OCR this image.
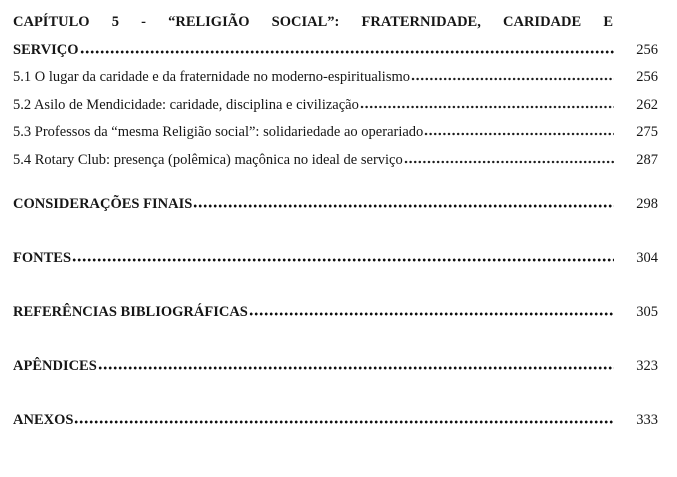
CAPÍTULO 5 - “RELIGIÃO SOCIAL”: FRATERNIDADE, CARIDADE E
SERVIÇO	256
5.1 O lugar da caridade e da fraternidade no moderno-espiritualismo	256
5.2 Asilo de Mendicidade: caridade, disciplina e civilização	262
5.3 Professos da “mesma Religião social”: solidariedade ao operariado	275
5.4 Rotary Club: presença (polêmica) maçônica no ideal de serviço	287
CONSIDERAÇÕES FINAIS	298
FONTES	304
REFERÊNCIAS BIBLIOGRÁFICAS	305
APÊNDICES	323
ANEXOS	333
